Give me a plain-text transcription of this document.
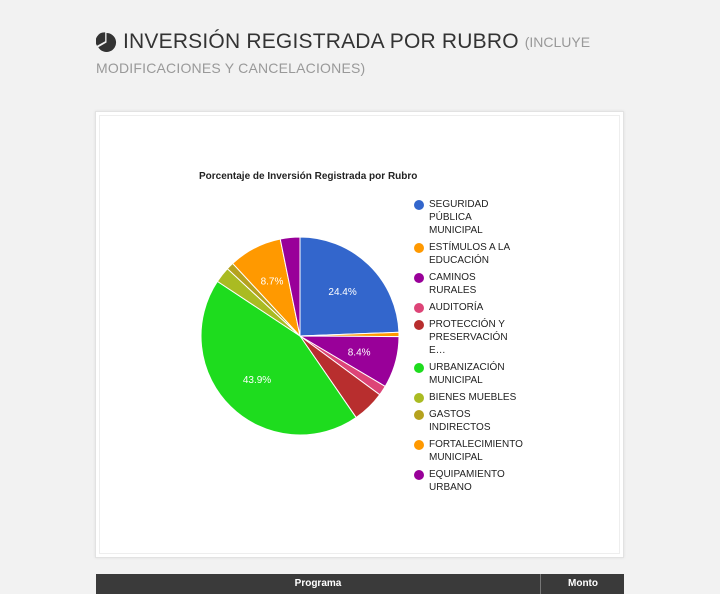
INVERSIÓN REGISTRADA POR RUBRO (INCLUYE
MODIFICACIONES Y CANCELACIONES)
Porcentaje de Inversión Registrada por Rubro
24.4%
8.4%
43.9%
8.7%
SEGURIDAD PÚBLICA MUNICIPAL
ESTÍMULOS A LA EDUCACIÓN
CAMINOS RURALES
AUDITORÍA
PROTECCIÓN Y PRESERVACIÓN E…
URBANIZACIÓN MUNICIPAL
BIENES MUEBLES
GASTOS INDIRECTOS
FORTALECIMIENTO MUNICIPAL
EQUIPAMIENTO URBANO
Programa	Monto
